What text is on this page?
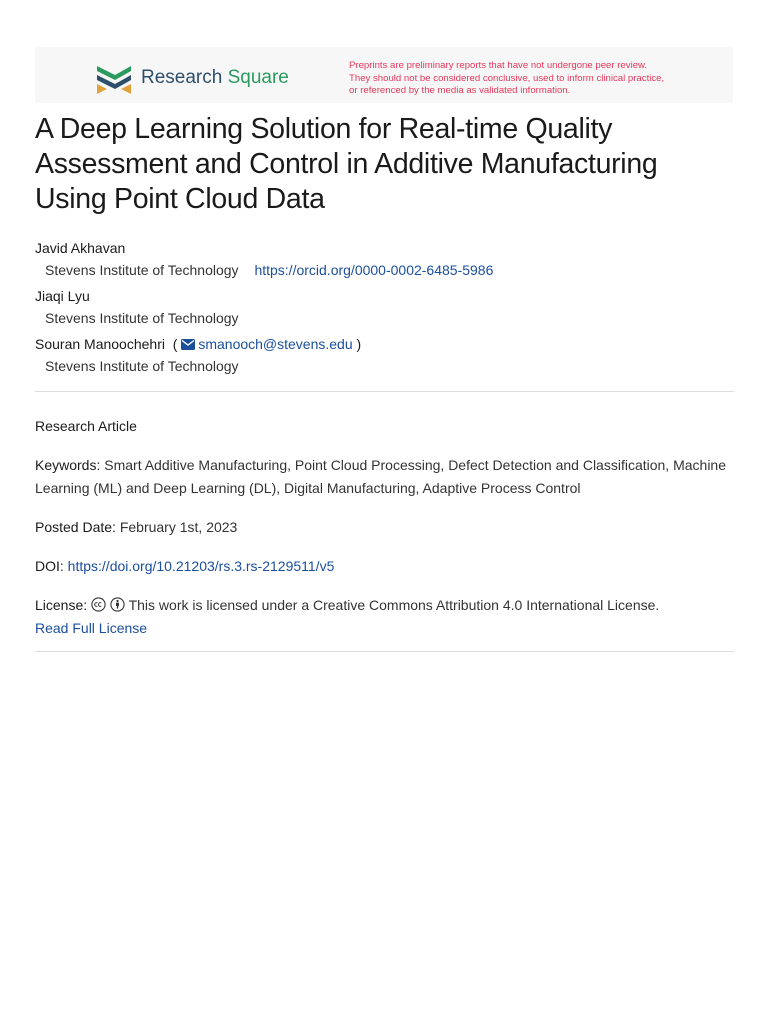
Research Square
Preprints are preliminary reports that have not undergone peer review.
They should not be considered conclusive, used to inform clinical practice,
or referenced by the media as validated information.
A Deep Learning Solution for Real-time Quality Assessment and Control in Additive Manufacturing Using Point Cloud Data
Javid Akhavan
Stevens Institute of Technology https://orcid.org/0000-0002-6485-5986
Jiaqi Lyu
Stevens Institute of Technology
Souran Manoochehri ( smanooch@stevens.edu )
Stevens Institute of Technology
Research Article
Keywords: Smart Additive Manufacturing, Point Cloud Processing, Defect Detection and Classification, Machine Learning (ML) and Deep Learning (DL), Digital Manufacturing, Adaptive Process Control
Posted Date: February 1st, 2023
DOI: https://doi.org/10.21203/rs.3.rs-2129511/v5
License:	This work is licensed under a Creative Commons Attribution 4.0 International License.
Read Full License
